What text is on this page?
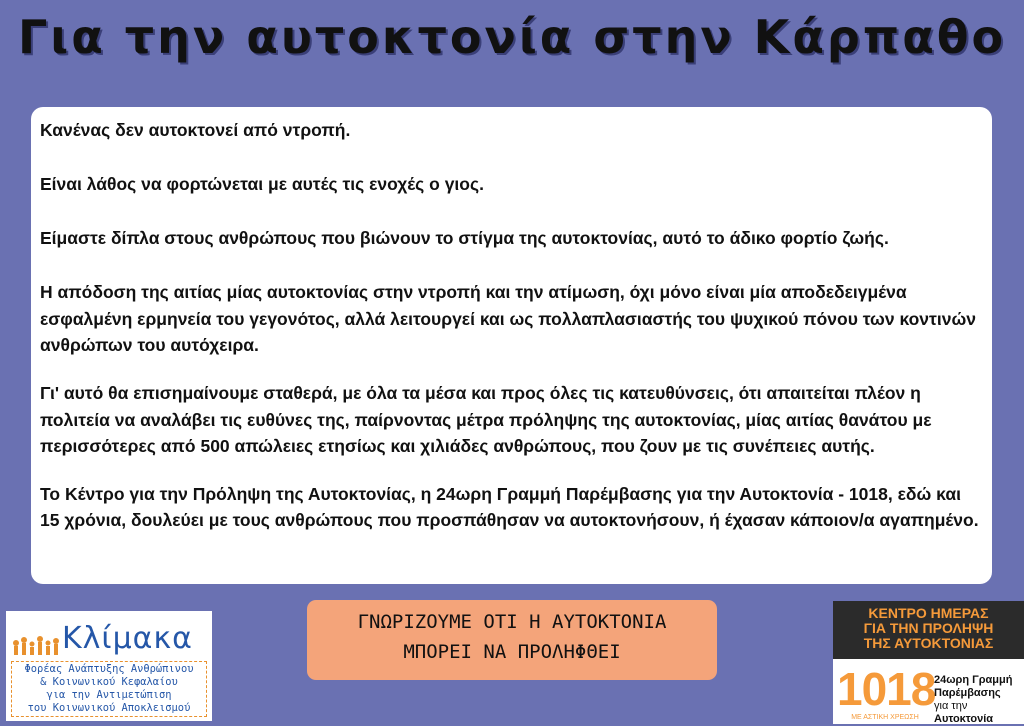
Για την αυτοκτονία στην Κάρπαθο

Κανένας δεν αυτοκτονεί από ντροπή.

Είναι λάθος να φορτώνεται με αυτές τις ενοχές ο γιος.

Είμαστε δίπλα στους ανθρώπους που βιώνουν το στίγμα της αυτοκτονίας, αυτό το άδικο φορτίο ζωής.

Η απόδοση της αιτίας μίας αυτοκτονίας στην ντροπή και την ατίμωση, όχι μόνο είναι μία αποδεδειγμένα εσφαλμένη ερμηνεία του γεγονότος, αλλά λειτουργεί και ως πολλαπλασιαστής του ψυχικού πόνου των κοντινών ανθρώπων του αυτόχειρα.

Γι' αυτό θα επισημαίνουμε σταθερά, με όλα τα μέσα και προς όλες τις κατευθύνσεις, ότι απαιτείται πλέον η πολιτεία να αναλάβει τις ευθύνες της, παίρνοντας μέτρα πρόληψης της αυτοκτονίας, μίας αιτίας θανάτου με περισσότερες από 500 απώλειες ετησίως και χιλιάδες ανθρώπους, που ζουν με τις συνέπειες αυτής.

Το Κέντρο για την Πρόληψη της Αυτοκτονίας, η 24ωρη Γραμμή Παρέμβασης για την Αυτοκτονία - 1018, εδώ και 15 χρόνια, δουλεύει με τους ανθρώπους που προσπάθησαν να αυτοκτονήσουν, ή έχασαν κάποιον/α αγαπημένο.

ΓΝΩΡΙΖΟΥΜΕ ΟΤΙ Η ΑΥΤΟΚΤΟΝΙΑ
ΜΠΟΡΕΙ ΝΑ ΠΡΟΛΗΦΘΕΙ
Κλίμακα
Φορέας Ανάπτυξης Ανθρώπινου
& Κοινωνικού Κεφαλαίου
για την Αντιμετώπιση
του Κοινωνικού Αποκλεισμού
ΚΕΝΤΡΟ ΗΜΕΡΑΣ
ΓΙΑ ΤΗΝ ΠΡΟΛΗΨΗ
ΤΗΣ ΑΥΤΟΚΤΟΝΙΑΣ
1018
24ωρη Γραμμή
Παρέμβασης
για την Αυτοκτονία
ΜΕ ΑΣΤΙΚΗ ΧΡΕΩΣΗ
